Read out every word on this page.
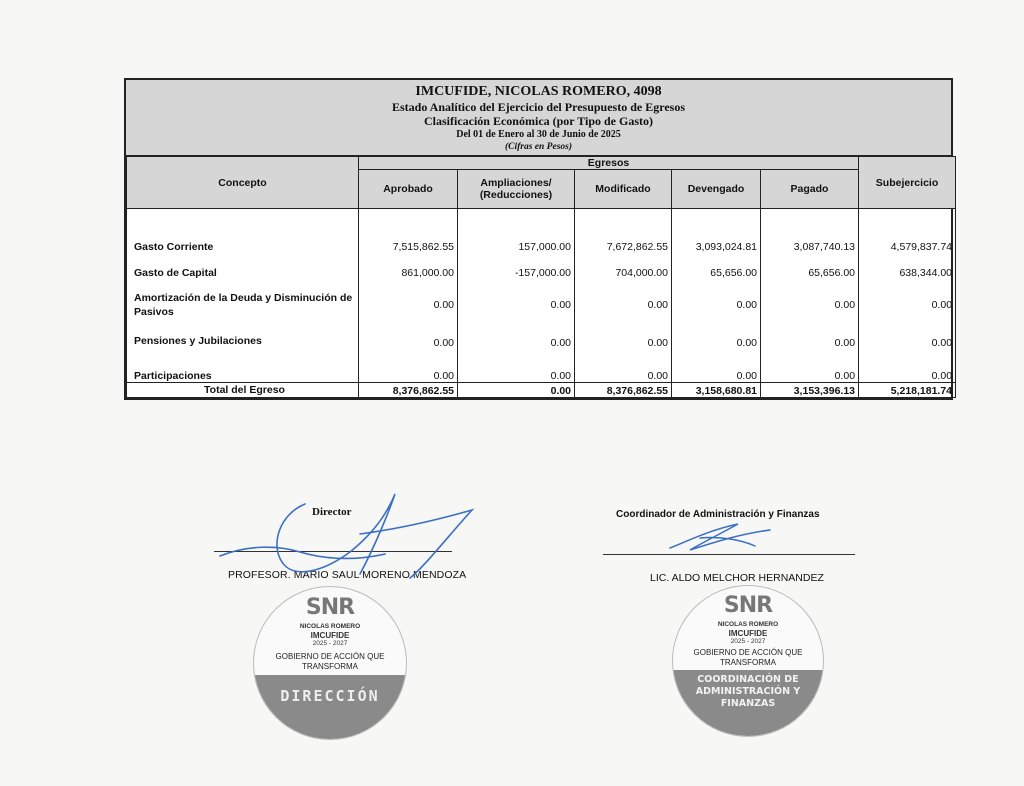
IMCUFIDE, NICOLAS ROMERO, 4098
Estado Analítico del Ejercicio del Presupuesto de Egresos
Clasificación Económica (por Tipo de Gasto)
Del 01 de Enero al 30 de Junio de 2025
(Cifras en Pesos)
Concepto	Egresos					Subejercicio
	Aprobado	Ampliaciones/ (Reducciones)	Modificado	Devengado	Pagado	

Gasto Corriente	7,515,862.55	157,000.00	7,672,862.55	3,093,024.81	3,087,740.13	4,579,837.74
Gasto de Capital	861,000.00	-157,000.00	704,000.00	65,656.00	65,656.00	638,344.00
Amortización de la Deuda y Disminución de Pasivos	0.00	0.00	0.00	0.00	0.00	0.00
Pensiones y Jubilaciones	0.00	0.00	0.00	0.00	0.00	0.00
Participaciones	0.00	0.00	0.00	0.00	0.00	0.00
Total del Egreso	8,376,862.55	0.00	8,376,862.55	3,158,680.81	3,153,396.13	5,218,181.74
Director
PROFESOR. MARIO SAUL MORENO MENDOZA
Coordinador de Administración y Finanzas
LIC. ALDO MELCHOR HERNANDEZ
SNR
NICOLAS ROMERO
IMCUFIDE
2025 - 2027
GOBIERNO DE ACCIÓN QUE
TRANSFORMA
DIRECCIÓN
SNR
NICOLAS ROMERO
IMCUFIDE
2025 - 2027
GOBIERNO DE ACCIÓN QUE
TRANSFORMA
COORDINACIÓN DE
ADMINISTRACIÓN Y
FINANZAS
